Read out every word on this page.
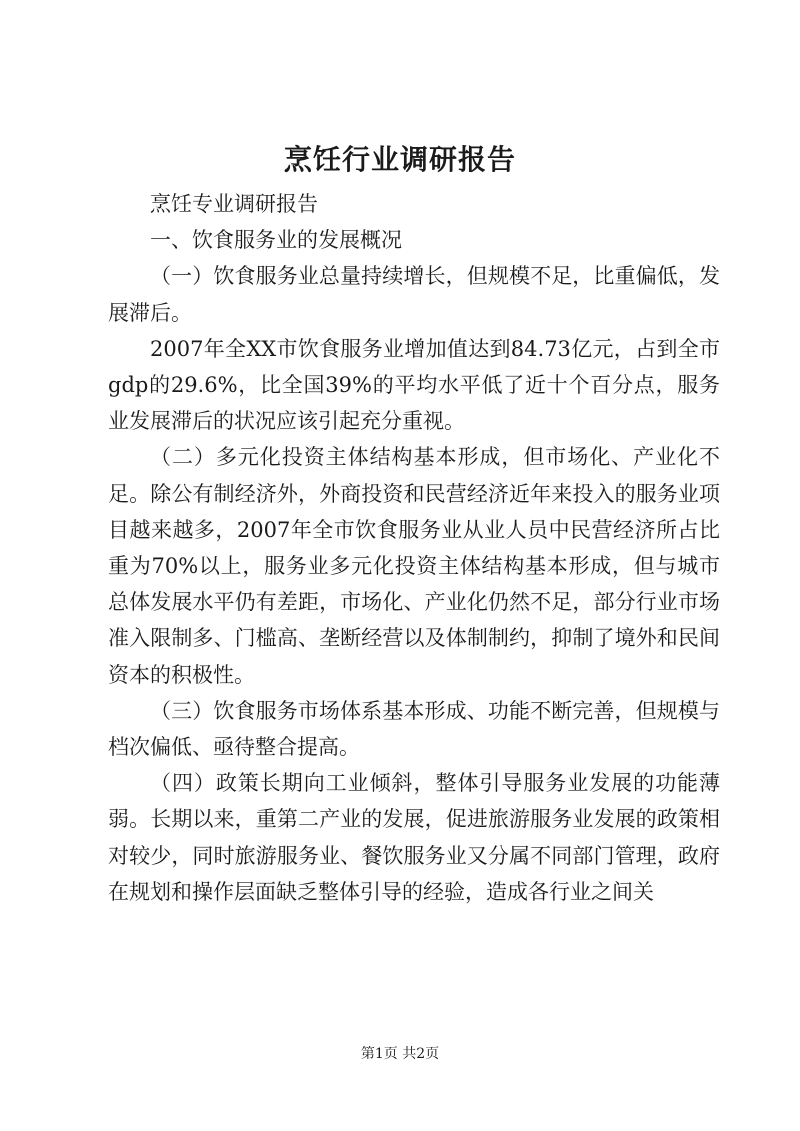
烹饪行业调研报告

烹饪专业调研报告

一、饮食服务业的发展概况

（一）饮食服务业总量持续增长，但规模不足，比重偏低，发展滞后。

2007年全XX市饮食服务业增加值达到84.73亿元，占到全市gdp的29.6%，比全国39%的平均水平低了近十个百分点，服务业发展滞后的状况应该引起充分重视。

（二）多元化投资主体结构基本形成，但市场化、产业化不足。除公有制经济外，外商投资和民营经济近年来投入的服务业项目越来越多，2007年全市饮食服务业从业人员中民营经济所占比重为70%以上，服务业多元化投资主体结构基本形成，但与城市总体发展水平仍有差距，市场化、产业化仍然不足，部分行业市场准入限制多、门槛高、垄断经营以及体制制约，抑制了境外和民间资本的积极性。

（三）饮食服务市场体系基本形成、功能不断完善，但规模与档次偏低、亟待整合提高。

（四）政策长期向工业倾斜，整体引导服务业发展的功能薄弱。长期以来，重第二产业的发展，促进旅游服务业发展的政策相对较少，同时旅游服务业、餐饮服务业又分属不同部门管理，政府在规划和操作层面缺乏整体引导的经验，造成各行业之间关

第1页 共2页
